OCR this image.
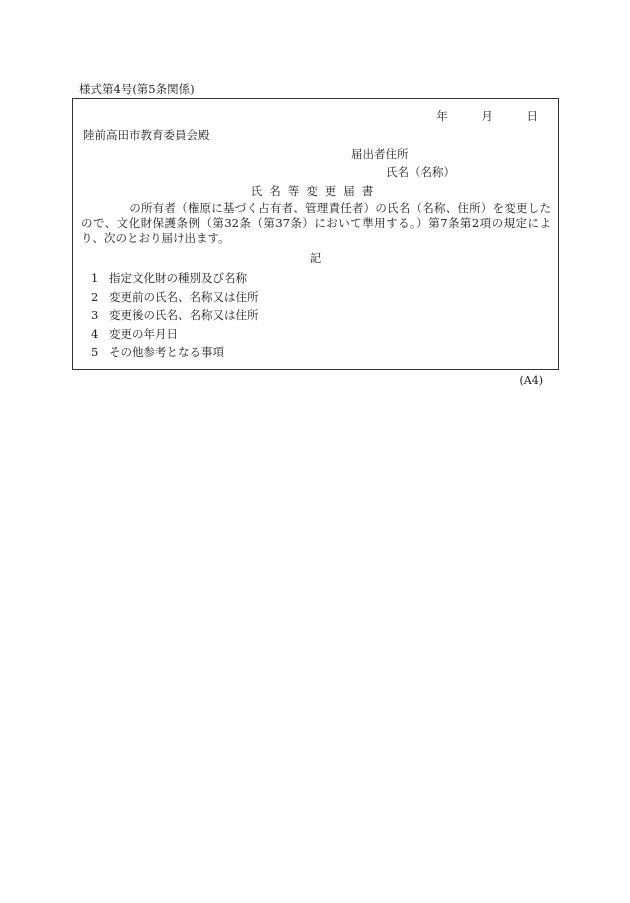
様式第4号(第5条関係)
年	月	日
陸前高田市教育委員会殿
届出者住所
氏名（名称）
氏名等変更届書
の所有者（権原に基づく占有者、管理責任者）の氏名（名称、住所）を変更したので、文化財保護条例（第32条（第37条）において準用する。）第7条第2項の規定により、次のとおり届け出ます。
記
1 指定文化財の種別及び名称
2 変更前の氏名、名称又は住所
3 変更後の氏名、名称又は住所
4 変更の年月日
5 その他参考となる事項
(A4)
